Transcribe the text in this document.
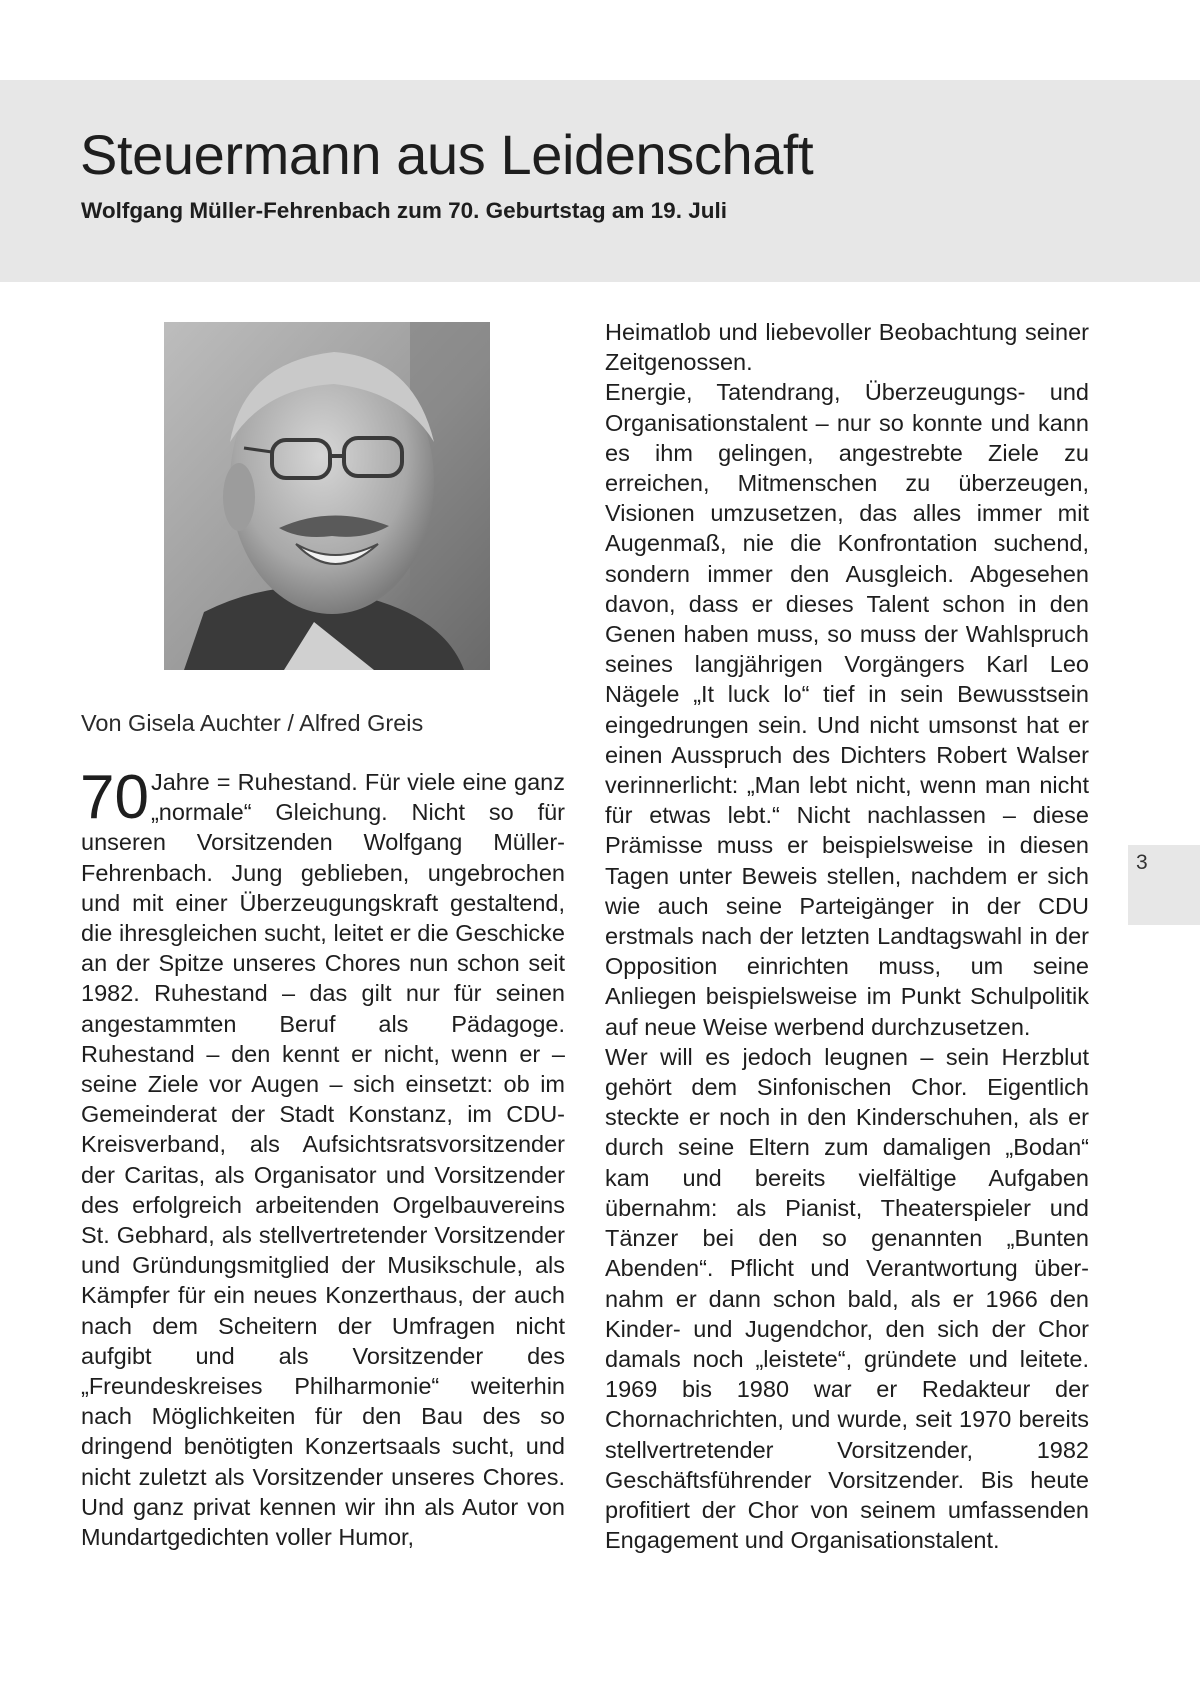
Steuermann aus Leidenschaft

Wolfgang Müller-Fehrenbach zum 70. Geburtstag am 19. Juli

Von Gisela Auchter / Alfred Greis

70 Jahre = Ruhestand. Für viele eine ganz „normale“ Gleichung. Nicht so für unseren Vorsitzenden Wolfgang Müller-Fehrenbach. Jung geblieben, ungebrochen und mit einer Überzeugungskraft gestaltend, die ihresgleichen sucht, leitet er die Geschicke an der Spitze unseres Chores nun schon seit 1982. Ruhestand – das gilt nur für seinen angestammten Beruf als Pädagoge. Ruhestand – den kennt er nicht, wenn er – seine Ziele vor Augen – sich einsetzt: ob im Gemeinderat der Stadt Konstanz, im CDU-Kreisverband, als Aufsichtsratsvorsitzender der Caritas, als Organisator und Vorsitzender des erfolgreich arbeitenden Orgelbauvereins St. Gebhard, als stellvertretender Vorsitzender und Gründungsmitglied der Musikschule, als Kämpfer für ein neues Konzerthaus, der auch nach dem Scheitern der Umfragen nicht aufgibt und als Vorsitzender des „Freundeskreises Philharmonie“ weiterhin nach Möglichkeiten für den Bau des so dringend benötigten Konzertsaals sucht, und nicht zuletzt als Vorsitzender unseres Chores. Und ganz privat kennen wir ihn als Autor von Mundartgedichten voller Humor,

Heimatlob und liebevoller Beobachtung seiner Zeitgenossen.

Energie, Tatendrang, Überzeugungs- und Organisationstalent – nur so konnte und kann es ihm gelingen, angestrebte Ziele zu erreichen, Mitmenschen zu überzeugen, Visionen umzusetzen, das alles immer mit Augenmaß, nie die Konfrontation suchend, sondern immer den Ausgleich. Abgesehen davon, dass er dieses Talent schon in den Genen haben muss, so muss der Wahlspruch seines langjährigen Vorgängers Karl Leo Nägele „It luck lo“ tief in sein Bewusstsein eingedrungen sein. Und nicht umsonst hat er einen Ausspruch des Dichters Robert Walser verinnerlicht: „Man lebt nicht, wenn man nicht für etwas lebt.“ Nicht nachlassen – diese Prämisse muss er beispielsweise in diesen Tagen unter Beweis stellen, nachdem er sich wie auch seine Parteigänger in der CDU erstmals nach der letzten Landtagswahl in der Opposition einrichten muss, um seine Anliegen beispielsweise im Punkt Schulpolitik auf neue Weise werbend durchzusetzen.

Wer will es jedoch leugnen – sein Herzblut gehört dem Sinfonischen Chor. Eigentlich steckte er noch in den Kinderschuhen, als er durch seine Eltern zum damaligen „Bodan“ kam und bereits vielfältige Aufgaben übernahm: als Pianist, Theaterspieler und Tänzer bei den so genannten „Bunten Abenden“. Pflicht und Verantwortung übernahm er dann schon bald, als er 1966 den Kinder- und Jugendchor, den sich der Chor damals noch „leistete“, gründete und leitete. 1969 bis 1980 war er Redakteur der Chornachrichten, und wurde, seit 1970 bereits stellvertretender Vorsitzender, 1982 Geschäftsführender Vorsitzender. Bis heute profitiert der Chor von seinem umfassenden Engagement und Organisationstalent.

3
